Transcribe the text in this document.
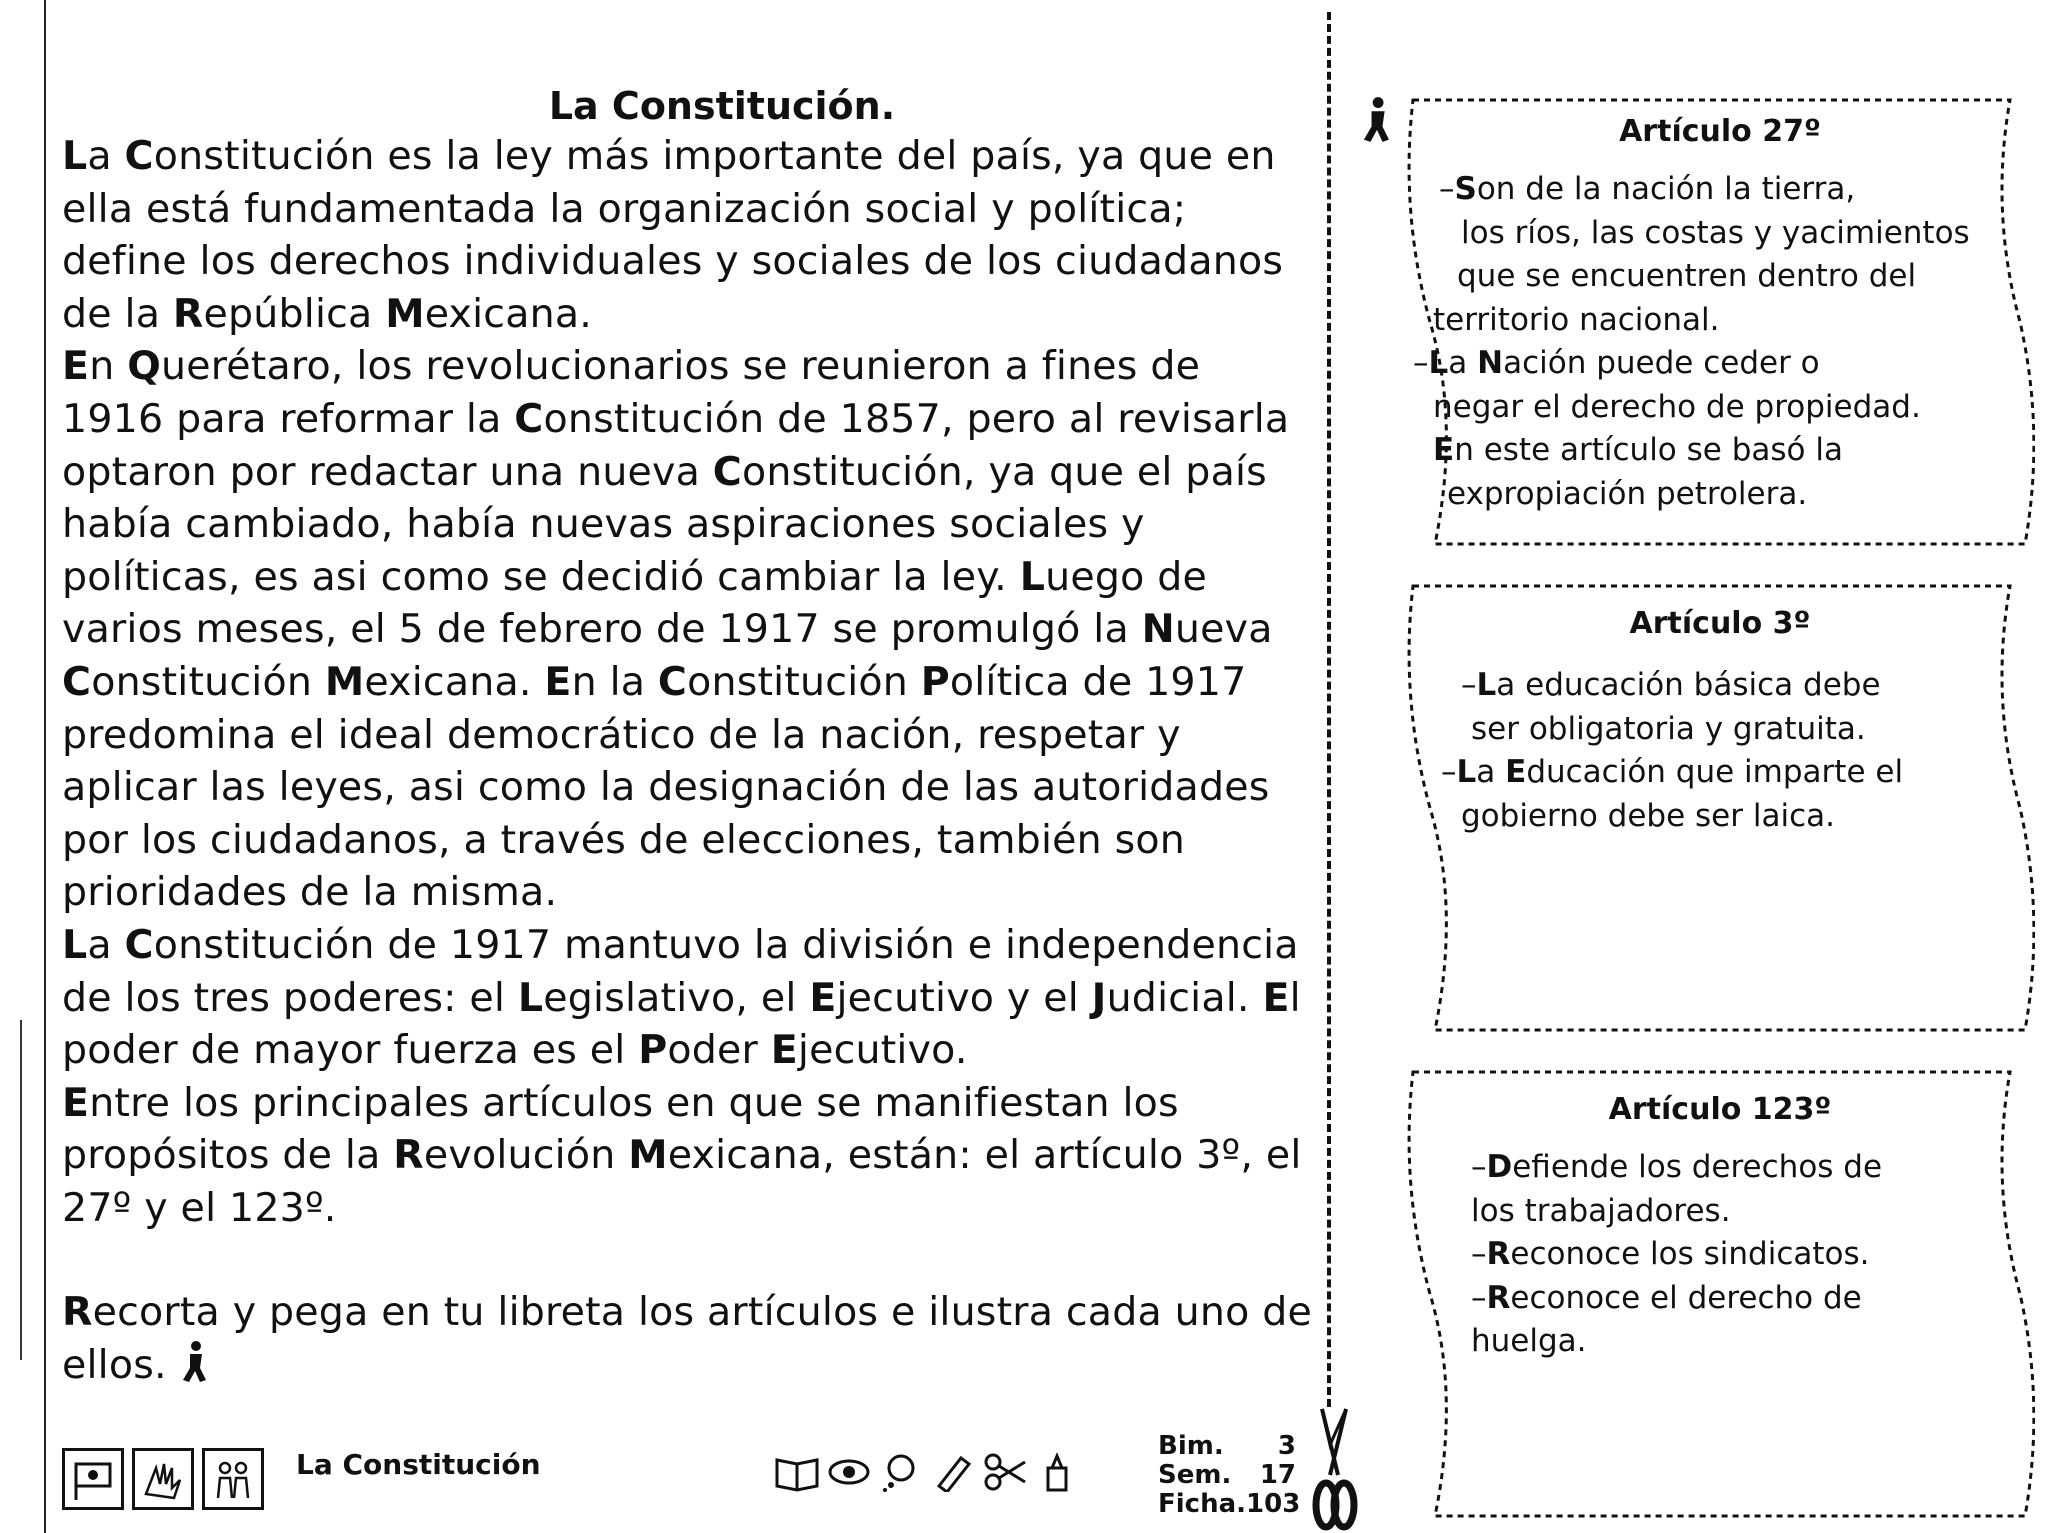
La Constitución.

La Constitución es la ley más importante del país, ya que en ella está fundamentada la organización social y política; define los derechos individuales y sociales de los ciudadanos de la República Mexicana.

En Querétaro, los revolucionarios se reunieron a fines de 1916 para reformar la Constitución de 1857, pero al revisarla optaron por redactar una nueva Constitución, ya que el país había cambiado, había nuevas aspiraciones sociales y políticas, es asi como se decidió cambiar la ley. Luego de varios meses, el 5 de febrero de 1917 se promulgó la Nueva Constitución Mexicana. En la Constitución Política de 1917 predomina el ideal democrático de la nación, respetar y aplicar las leyes, asi como la designación de las autoridades por los ciudadanos, a través de elecciones, también son prioridades de la misma.

La Constitución de 1917 mantuvo la división e independencia de los tres poderes: el Legislativo, el Ejecutivo y el Judicial. El poder de mayor fuerza es el Poder Ejecutivo.

Entre los principales artículos en que se manifiestan los propósitos de la Revolución Mexicana, están: el artículo 3º, el 27º y el 123º.

Recorta y pega en tu libreta los artículos e ilustra cada uno de ellos.

Artículo 27º
–Son de la nación la tierra,
los ríos, las costas y yacimientos
que se encuentren dentro del
territorio nacional.
–La Nación puede ceder o
negar el derecho de propiedad.
En este artículo se basó la
expropiación petrolera.
Artículo 3º
–La educación básica debe
ser obligatoria y gratuita.
–La Educación que imparte el
gobierno debe ser laica.
Artículo 123º
–Defiende los derechos de
los trabajadores.
–Reconoce los sindicatos.
–Reconoce el derecho de
huelga.
La Constitución
Bim. 3
Sem. 17
Ficha. 103
